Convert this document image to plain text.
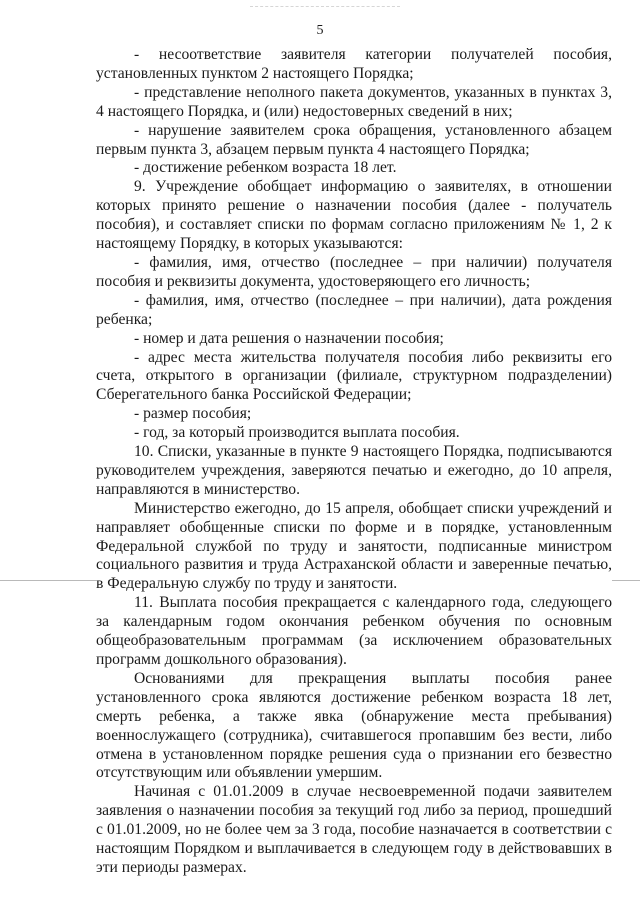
5

- несоответствие заявителя категории получателей пособия, установленных пунктом 2 настоящего Порядка;

- представление неполного пакета документов, указанных в пунктах 3, 4 настоящего Порядка, и (или) недостоверных сведений в них;

- нарушение заявителем срока обращения, установленного абзацем первым пункта 3, абзацем первым пункта 4 настоящего Порядка;

- достижение ребенком возраста 18 лет.

9. Учреждение обобщает информацию о заявителях, в отношении которых принято решение о назначении пособия (далее - получатель пособия), и составляет списки по формам согласно приложениям № 1, 2 к настоящему Порядку, в которых указываются:

- фамилия, имя, отчество (последнее – при наличии) получателя пособия и реквизиты документа, удостоверяющего его личность;

- фамилия, имя, отчество (последнее – при наличии), дата рождения ребенка;

- номер и дата решения о назначении пособия;

- адрес места жительства получателя пособия либо реквизиты его счета, открытого в организации (филиале, структурном подразделении) Сберегательного банка Российской Федерации;

- размер пособия;

- год, за который производится выплата пособия.

10. Списки, указанные в пункте 9 настоящего Порядка, подписываются руководителем учреждения, заверяются печатью и ежегодно, до 10 апреля, направляются в министерство.

Министерство ежегодно, до 15 апреля, обобщает списки учреждений и направляет обобщенные списки по форме и в порядке, установленным Федеральной службой по труду и занятости, подписанные министром социального развития и труда Астраханской области и заверенные печатью, в Федеральную службу по труду и занятости.

11. Выплата пособия прекращается с календарного года, следующего за календарным годом окончания ребенком обучения по основным общеобразовательным программам (за исключением образовательных программ дошкольного образования).

Основаниями для прекращения выплаты пособия ранее установленного срока являются достижение ребенком возраста 18 лет, смерть ребенка, а также явка (обнаружение места пребывания) военнослужащего (сотрудника), считавшегося пропавшим без вести, либо отмена в установленном порядке решения суда о признании его безвестно отсутствующим или объявлении умершим.

Начиная с 01.01.2009 в случае несвоевременной подачи заявителем заявления о назначении пособия за текущий год либо за период, прошедший с 01.01.2009, но не более чем за 3 года, пособие назначается в соответствии с настоящим Порядком и выплачивается в следующем году в действовавших в эти периоды размерах.
